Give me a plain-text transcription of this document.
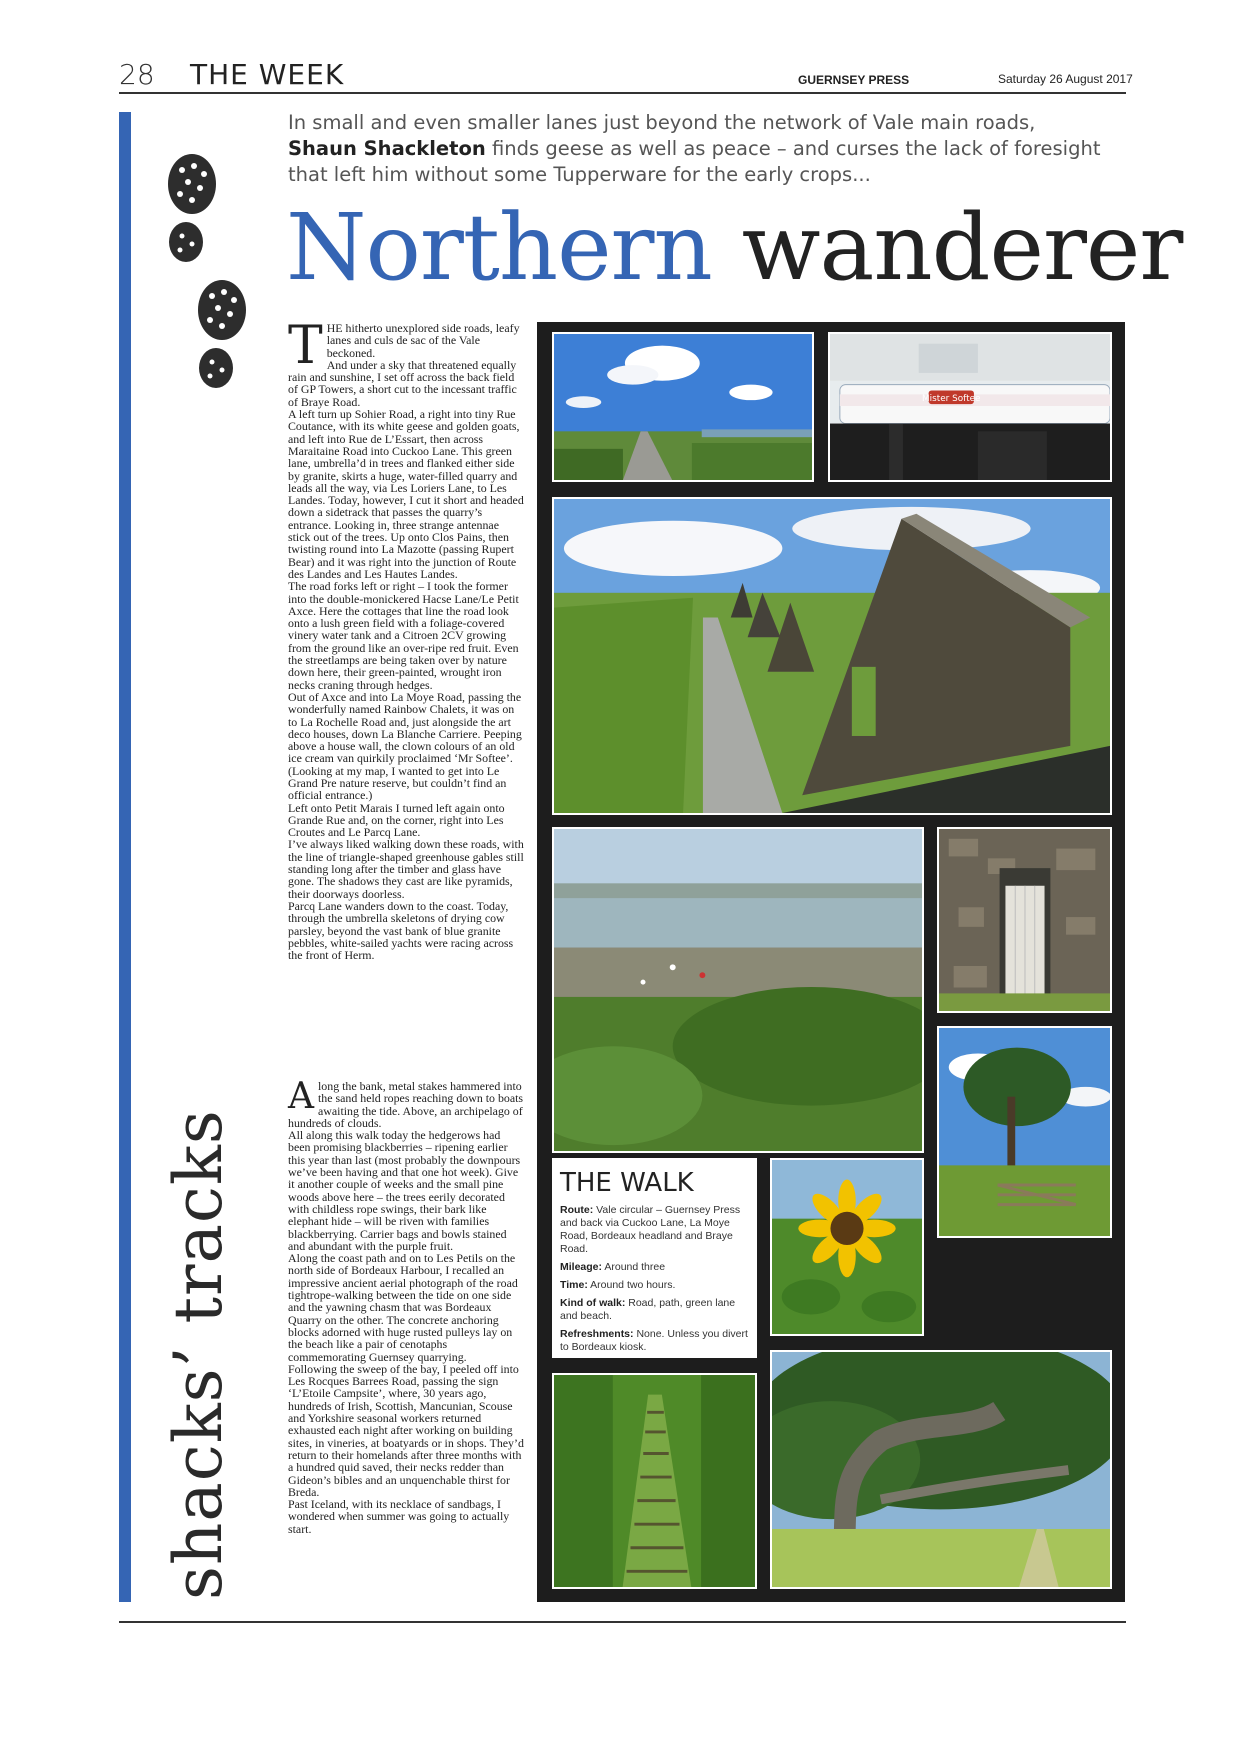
28 THE WEEK	GUERNSEY PRESS	Saturday 26 August 2017
shacks’ tracks
In small and even smaller lanes just beyond the network of Vale main roads,
Shaun Shackleton finds geese as well as peace – and curses the lack of foresight that left him without some Tupperware for the early crops...
Northern wanderer

THE hitherto unexplored side roads, leafy lanes and culs de sac of the Vale beckoned.

And under a sky that threatened equally rain and sunshine, I set off across the back field of GP Towers, a short cut to the incessant traffic of Braye Road.

A left turn up Sohier Road, a right into tiny Rue Coutance, with its white geese and golden goats, and left into Rue de L’Essart, then across Maraitaine Road into Cuckoo Lane. This green lane, umbrella’d in trees and flanked either side by granite, skirts a huge, water-filled quarry and leads all the way, via Les Loriers Lane, to Les Landes. Today, however, I cut it short and headed down a sidetrack that passes the quarry’s entrance. Looking in, three strange antennae stick out of the trees. Up onto Clos Pains, then twisting round into La Mazotte (passing Rupert Bear) and it was right into the junction of Route des Landes and Les Hautes Landes.

The road forks left or right – I took the former into the double-monickered Hacse Lane/Le Petit Axce. Here the cottages that line the road look onto a lush green field with a foliage-covered vinery water tank and a Citroen 2CV growing from the ground like an over-ripe red fruit. Even the streetlamps are being taken over by nature down here, their green-painted, wrought iron necks craning through hedges.

Out of Axce and into La Moye Road, passing the wonderfully named Rainbow Chalets, it was on to La Rochelle Road and, just alongside the art deco houses, down La Blanche Carriere. Peeping above a house wall, the clown colours of an old ice cream van quirkily proclaimed ‘Mr Softee’.

(Looking at my map, I wanted to get into Le Grand Pre nature reserve, but couldn’t find an official entrance.)

Left onto Petit Marais I turned left again onto Grande Rue and, on the corner, right into Les Croutes and Le Parcq Lane.

I’ve always liked walking down these roads, with the line of triangle-shaped greenhouse gables still standing long after the timber and glass have gone. The shadows they cast are like pyramids, their doorways doorless.

Parcq Lane wanders down to the coast. Today, through the umbrella skeletons of drying cow parsley, beyond the vast bank of blue granite pebbles, white-sailed yachts were racing across the front of Herm.

Along the bank, metal stakes hammered into the sand held ropes reaching down to boats awaiting the tide. Above, an archipelago of hundreds of clouds.

All along this walk today the hedgerows had been promising blackberries – ripening earlier this year than last (most probably the downpours we’ve been having and that one hot week). Give it another couple of weeks and the small pine woods above here – the trees eerily decorated with childless rope swings, their bark like elephant hide – will be riven with families blackberrying. Carrier bags and bowls stained and abundant with the purple fruit.

Along the coast path and on to Les Petils on the north side of Bordeaux Harbour, I recalled an impressive ancient aerial photograph of the road tightrope-walking between the tide on one side and the yawning chasm that was Bordeaux Quarry on the other. The concrete anchoring blocks adorned with huge rusted pulleys lay on the beach like a pair of cenotaphs commemorating Guernsey quarrying.

Following the sweep of the bay, I peeled off into Les Rocques Barrees Road, passing the sign ‘L’Etoile Campsite’, where, 30 years ago, hundreds of Irish, Scottish, Mancunian, Scouse and Yorkshire seasonal workers returned exhausted each night after working on building sites, in vineries, at boatyards or in shops. They’d return to their homelands after three months with a hundred quid saved, their necks redder than Gideon’s bibles and an unquenchable thirst for Breda.

Past Iceland, with its necklace of sandbags, I wondered when summer was going to actually start.

Mister Softee
THE WALK

Route: Vale circular – Guernsey Press and back via Cuckoo Lane, La Moye Road, Bordeaux headland and Braye Road.

Mileage: Around three

Time: Around two hours.

Kind of walk: Road, path, green lane and beach.

Refreshments: None. Unless you divert to Bordeaux kiosk.
